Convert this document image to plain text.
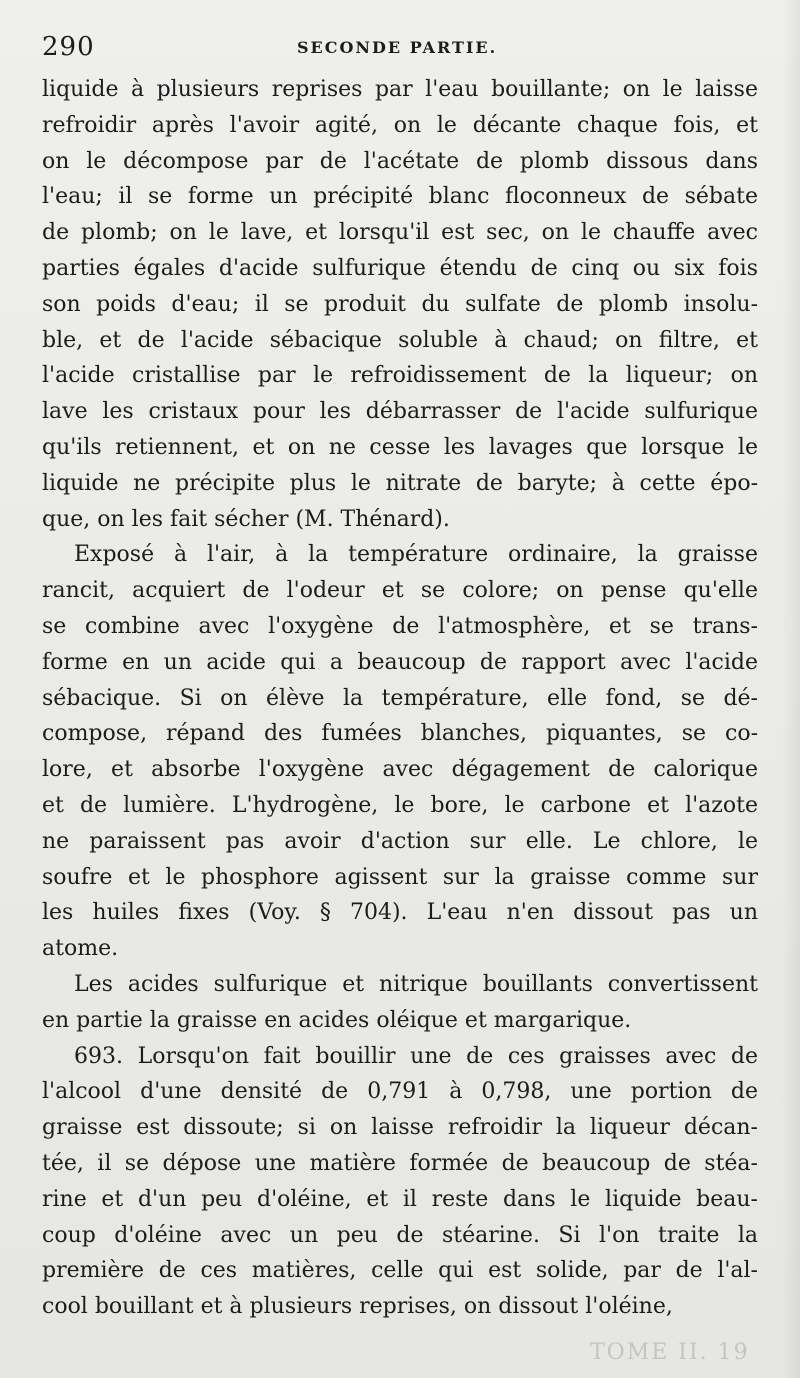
290	SECONDE PARTIE.
liquide à plusieurs reprises par l'eau bouillante; on le laisse
refroidir après l'avoir agité, on le décante chaque fois, et
on le décompose par de l'acétate de plomb dissous dans
l'eau; il se forme un précipité blanc floconneux de sébate
de plomb; on le lave, et lorsqu'il est sec, on le chauffe avec
parties égales d'acide sulfurique étendu de cinq ou six fois
son poids d'eau; il se produit du sulfate de plomb insolu-
ble, et de l'acide sébacique soluble à chaud; on filtre, et
l'acide cristallise par le refroidissement de la liqueur; on
lave les cristaux pour les débarrasser de l'acide sulfurique
qu'ils retiennent, et on ne cesse les lavages que lorsque le
liquide ne précipite plus le nitrate de baryte; à cette épo-
que, on les fait sécher (M. Thénard).
Exposé à l'air, à la température ordinaire, la graisse
rancit, acquiert de l'odeur et se colore; on pense qu'elle
se combine avec l'oxygène de l'atmosphère, et se trans-
forme en un acide qui a beaucoup de rapport avec l'acide
sébacique. Si on élève la température, elle fond, se dé-
compose, répand des fumées blanches, piquantes, se co-
lore, et absorbe l'oxygène avec dégagement de calorique
et de lumière. L'hydrogène, le bore, le carbone et l'azote
ne paraissent pas avoir d'action sur elle. Le chlore, le
soufre et le phosphore agissent sur la graisse comme sur
les huiles fixes (Voy. § 704). L'eau n'en dissout pas un
atome.
Les acides sulfurique et nitrique bouillants convertissent
en partie la graisse en acides oléique et margarique.
693. Lorsqu'on fait bouillir une de ces graisses avec de
l'alcool d'une densité de 0,791 à 0,798, une portion de
graisse est dissoute; si on laisse refroidir la liqueur décan-
tée, il se dépose une matière formée de beaucoup de stéa-
rine et d'un peu d'oléine, et il reste dans le liquide beau-
coup d'oléine avec un peu de stéarine. Si l'on traite la
première de ces matières, celle qui est solide, par de l'al-
cool bouillant et à plusieurs reprises, on dissout l'oléine,
TOME II. 19
